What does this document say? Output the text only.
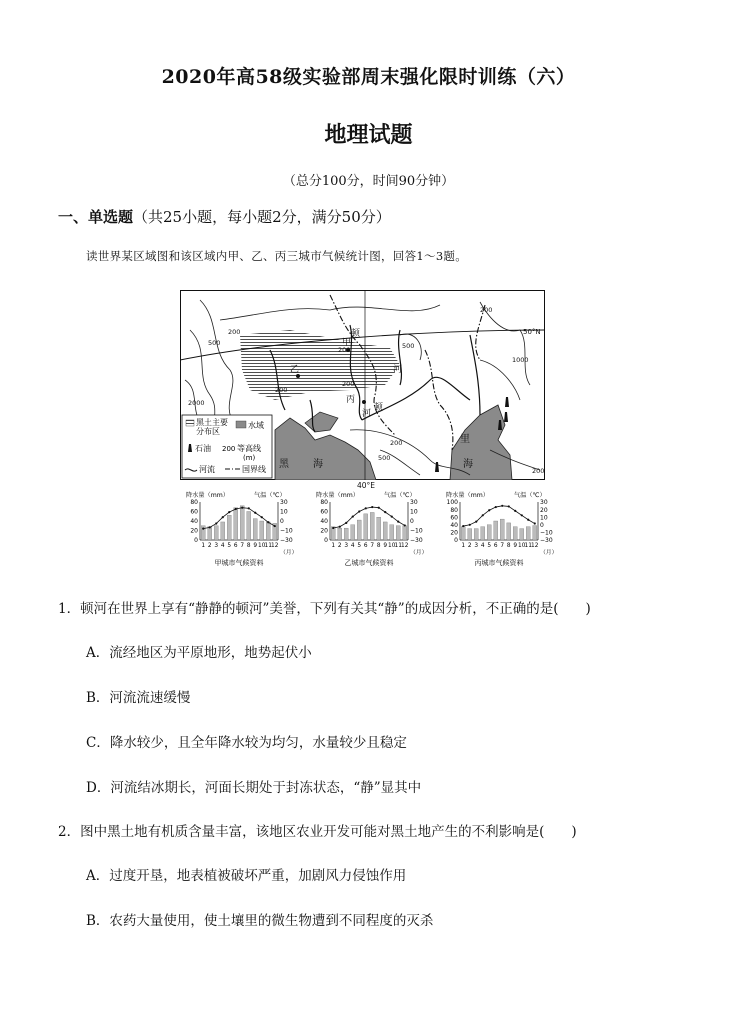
2020年高58级实验部周末强化限时训练（六）
地理试题
（总分100分，时间90分钟）
一、单选题（共25小题，每小题2分，满分50分）
读世界某区域图和该区域内甲、乙、丙三城市气候统计图，回答1～3题。
黑土主要
分布区
水域
石油 200 等高线
(m)
河流	国界线
50°N
甲
顿
河
乙
丙
顿
河
黑 海
里
海
200
200
200
200
200
200
200
500	500
500
1000
2000
40°E
降水量（mm）	气温（℃）
80
60
40
20
0
30
10
0
−10
−30
1 2 3 4 5 6 7 8 9 10 11 12
（月）
甲城市气候资料
降水量（mm）	气温（℃）
80
60
40
20
0
30
10
0
−10
−30
1 2 3 4 5 6 7 8 9 10 11 12
（月）
乙城市气候资料
降水量（mm）	气温（℃）
100
80
60
40
20
0
30
20
10
0
−10
−30
1 2 3 4 5 6 7 8 9 10 11 12
（月）
丙城市气候资料
1．顿河在世界上享有“静静的顿河”美誉，下列有关其“静”的成因分析，不正确的是(　　)
A．流经地区为平原地形，地势起伏小
B．河流流速缓慢
C．降水较少，且全年降水较为均匀，水量较少且稳定
D．河流结冰期长，河面长期处于封冻状态，“静”显其中
2．图中黑土地有机质含量丰富，该地区农业开发可能对黑土地产生的不利影响是(　　)
A．过度开垦，地表植被破坏严重，加剧风力侵蚀作用
B．农药大量使用，使土壤里的微生物遭到不同程度的灭杀
